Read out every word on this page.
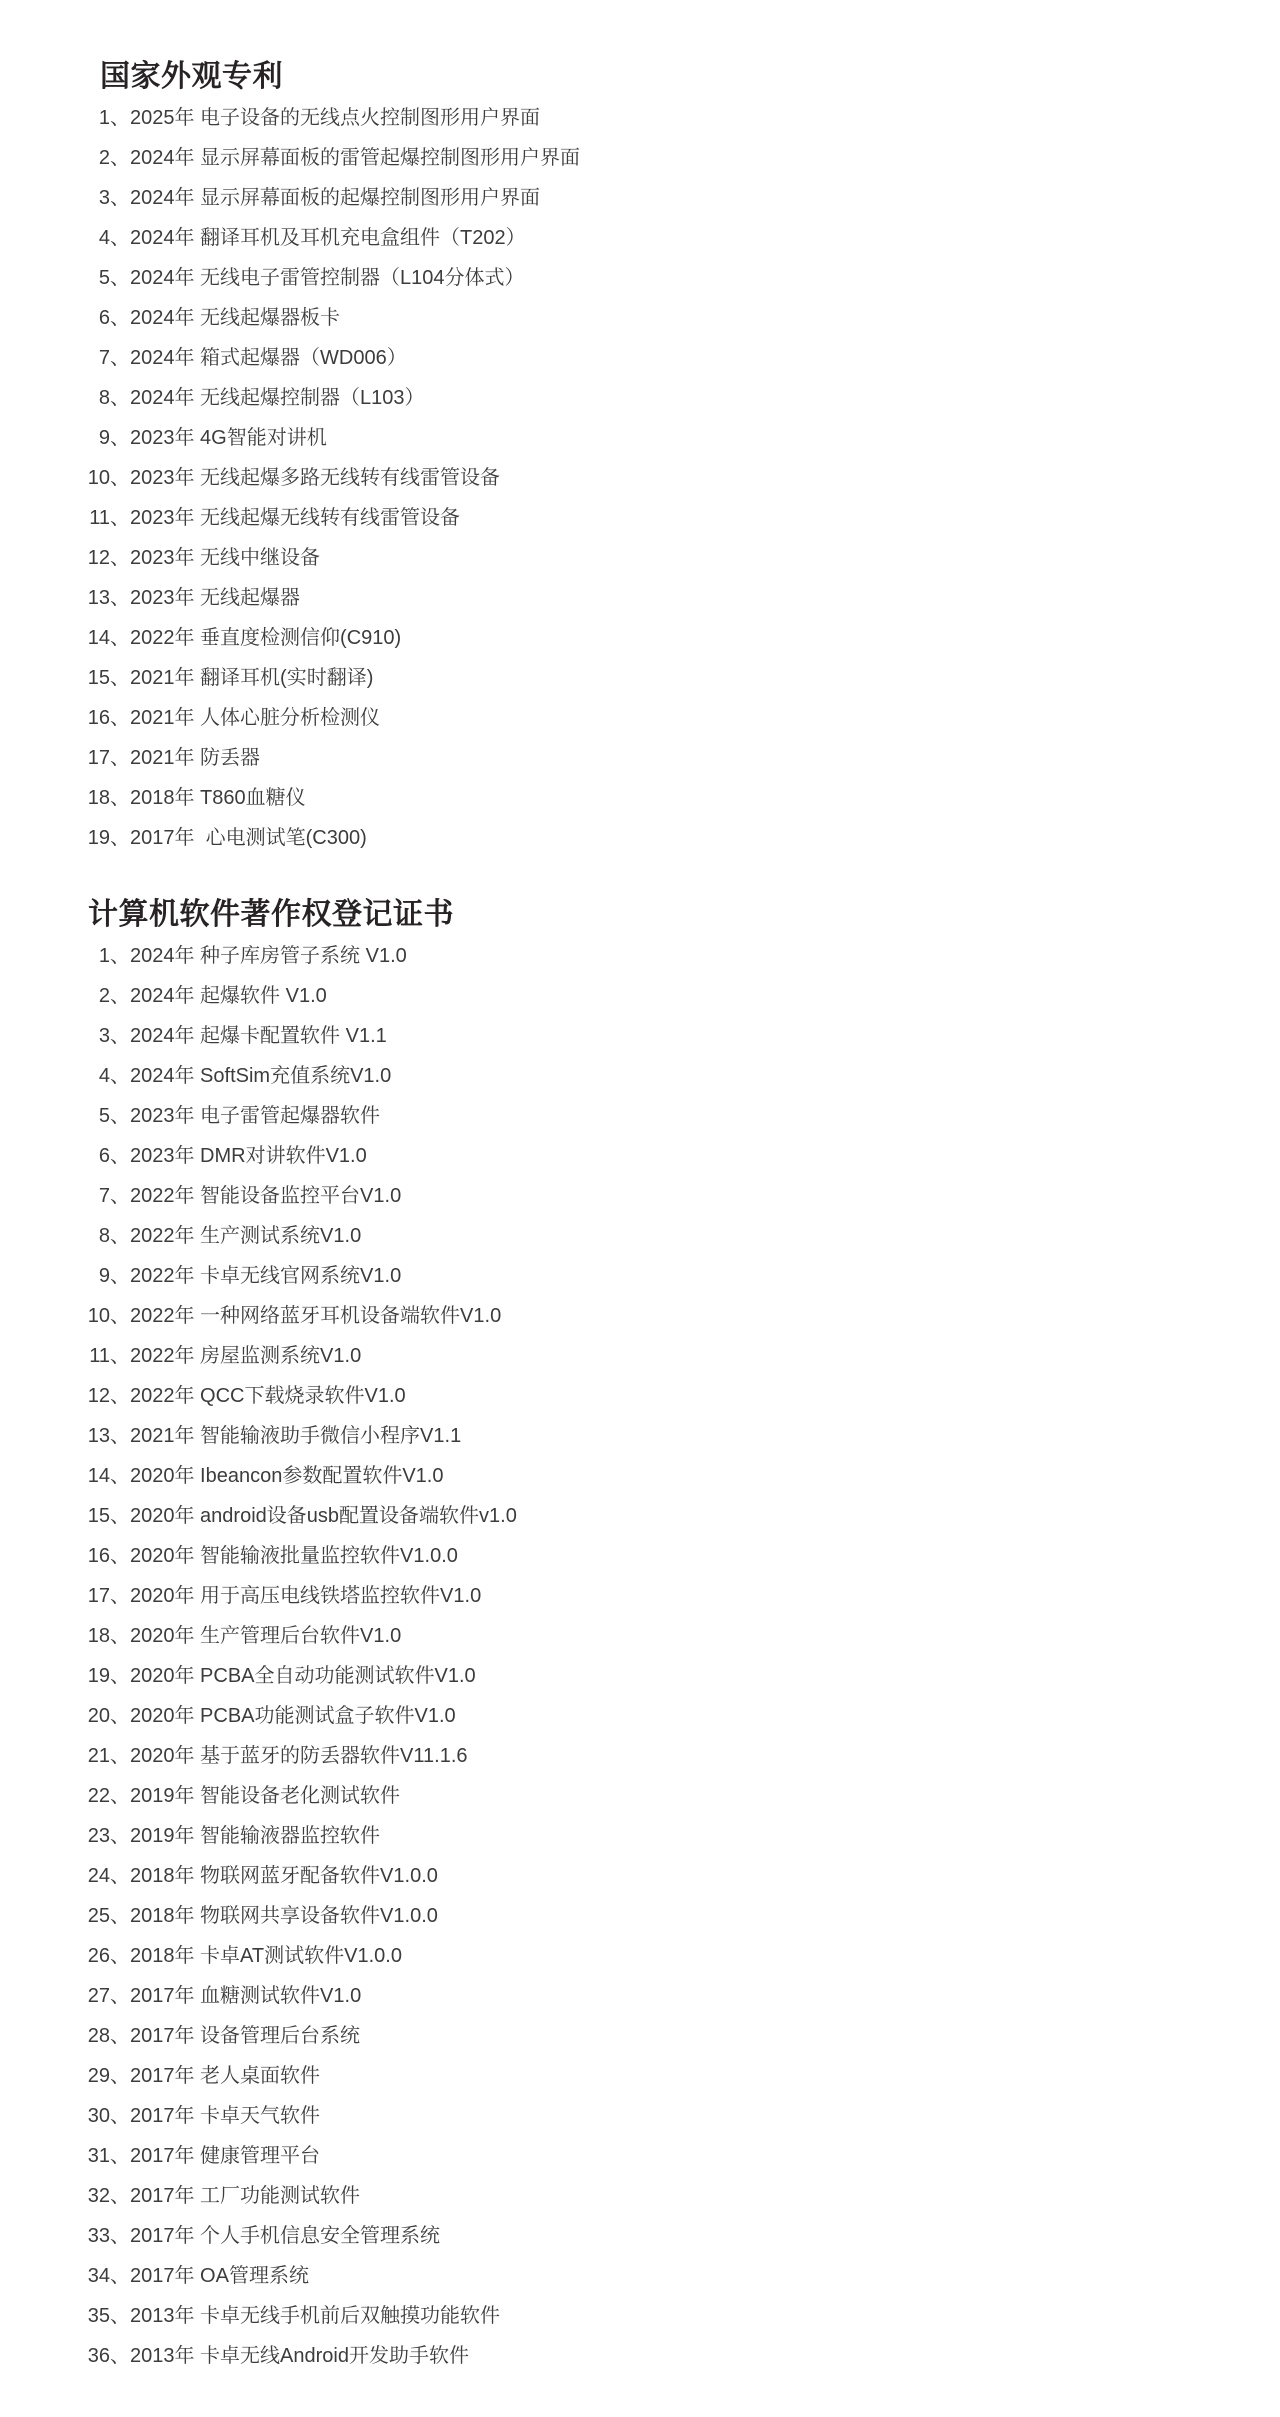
国家外观专利
1、 2025年 电子设备的无线点火控制图形用户界面
2、 2024年 显示屏幕面板的雷管起爆控制图形用户界面
3、 2024年 显示屏幕面板的起爆控制图形用户界面
4、 2024年 翻译耳机及耳机充电盒组件（T202）
5、 2024年 无线电子雷管控制器（L104分体式）
6、 2024年 无线起爆器板卡
7、 2024年 箱式起爆器（WD006）
8、 2024年 无线起爆控制器（L103）
9、 2023年 4G智能对讲机
10、 2023年 无线起爆多路无线转有线雷管设备
11、 2023年 无线起爆无线转有线雷管设备
12、 2023年 无线中继设备
13、 2023年 无线起爆器
14、 2022年 垂直度检测信仰(C910)
15、 2021年 翻译耳机(实时翻译)
16、 2021年 人体心脏分析检测仪
17、 2021年 防丢器
18、 2018年 T860血糖仪
19、 2017年  心电测试笔(C300)
计算机软件著作权登记证书
1、 2024年 种子库房管子系统 V1.0
2、 2024年 起爆软件 V1.0
3、 2024年 起爆卡配置软件 V1.1
4、 2024年 SoftSim充值系统V1.0
5、 2023年 电子雷管起爆器软件
6、 2023年 DMR对讲软件V1.0
7、 2022年 智能设备监控平台V1.0
8、 2022年 生产测试系统V1.0
9、 2022年 卡卓无线官网系统V1.0
10、 2022年 一种网络蓝牙耳机设备端软件V1.0
11、 2022年 房屋监测系统V1.0
12、 2022年 QCC下载烧录软件V1.0
13、 2021年 智能输液助手微信小程序V1.1
14、 2020年 Ibeancon参数配置软件V1.0
15、 2020年 android设备usb配置设备端软件v1.0
16、 2020年 智能输液批量监控软件V1.0.0
17、 2020年 用于高压电线铁塔监控软件V1.0
18、 2020年 生产管理后台软件V1.0
19、 2020年 PCBA全自动功能测试软件V1.0
20、 2020年 PCBA功能测试盒子软件V1.0
21、 2020年 基于蓝牙的防丢器软件V11.1.6
22、 2019年 智能设备老化测试软件
23、 2019年 智能输液器监控软件
24、 2018年 物联网蓝牙配备软件V1.0.0
25、 2018年 物联网共享设备软件V1.0.0
26、 2018年 卡卓AT测试软件V1.0.0
27、 2017年 血糖测试软件V1.0
28、 2017年 设备管理后台系统
29、 2017年 老人桌面软件
30、 2017年 卡卓天气软件
31、 2017年 健康管理平台
32、 2017年 工厂功能测试软件
33、 2017年 个人手机信息安全管理系统
34、 2017年 OA管理系统
35、 2013年 卡卓无线手机前后双触摸功能软件
36、 2013年 卡卓无线Android开发助手软件
